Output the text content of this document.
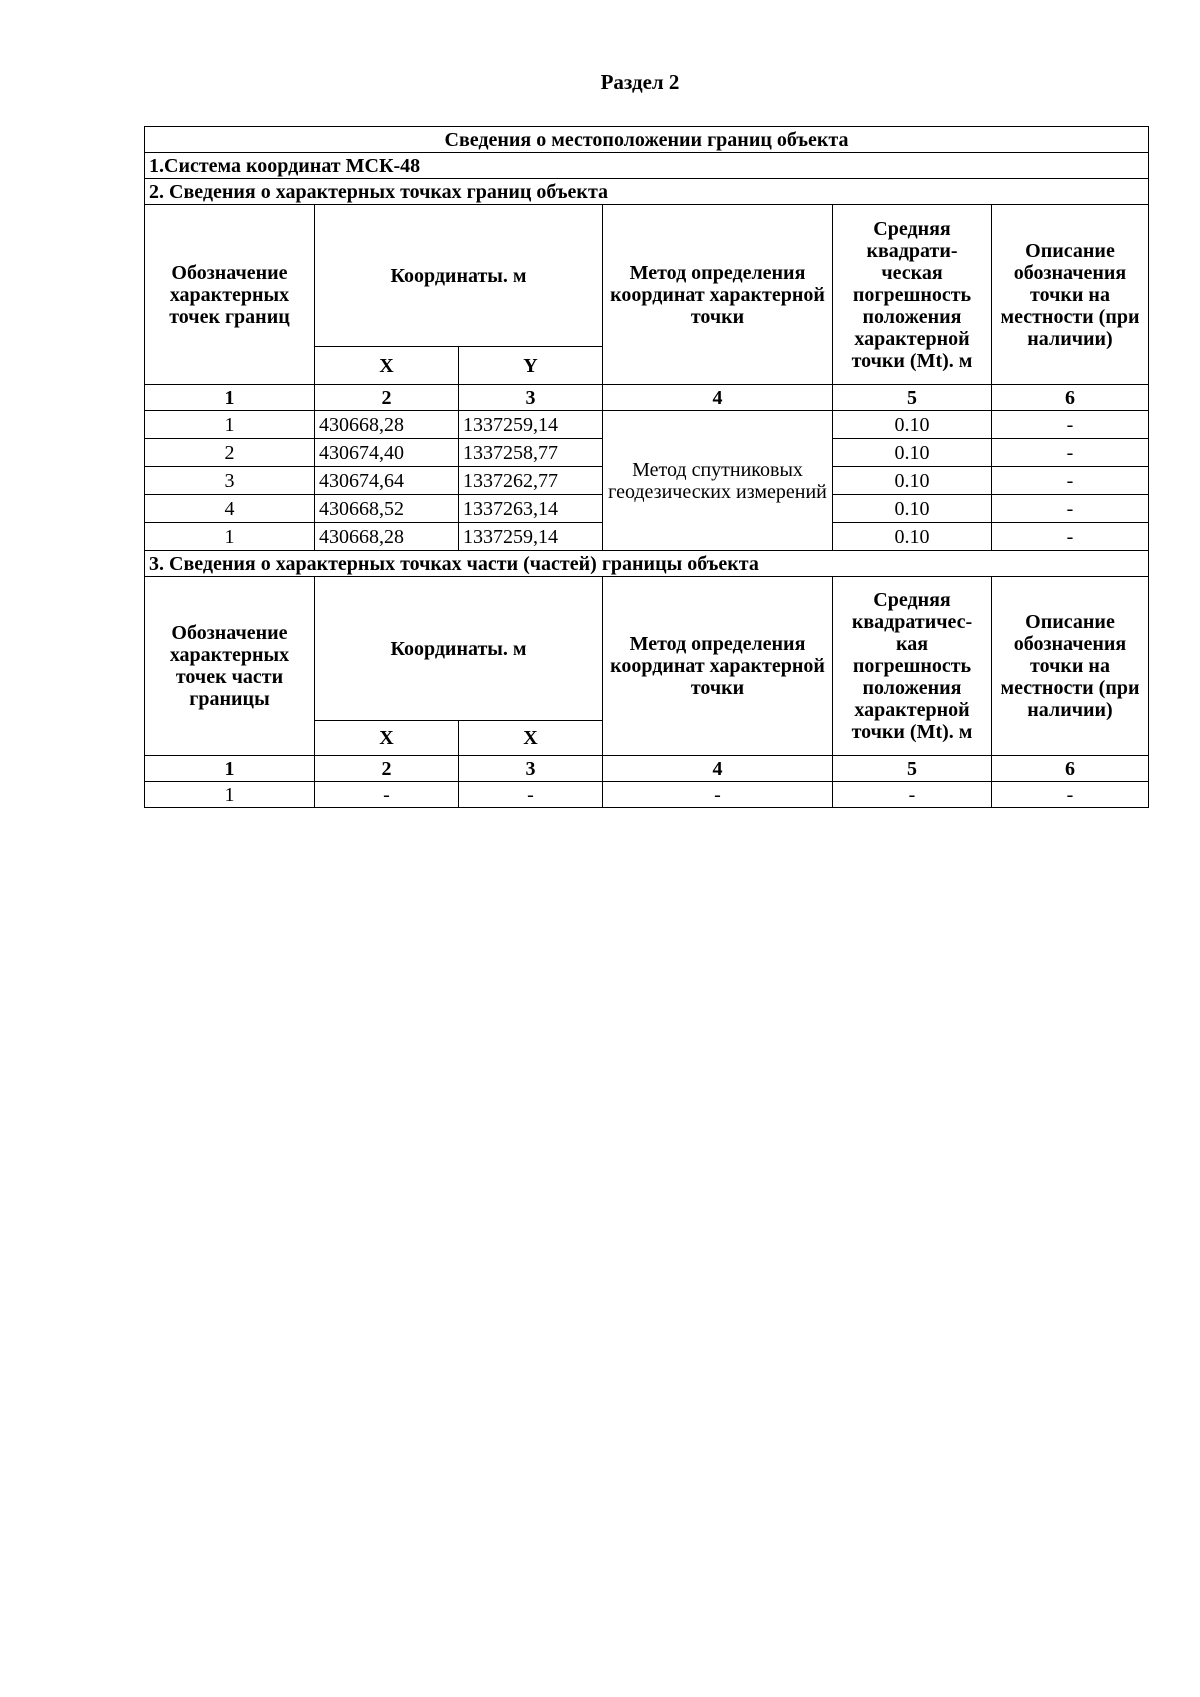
Раздел 2
Сведения о местоположении границ объекта					
1.Система координат МСК-48					
2. Сведения о характерных точках границ объекта					
Обозначение характерных точек границ	Координаты. м		Метод определения координат характерной точки	Средняя квадрати-ческая погрешность положения характерной точки (Mt). м	Описание обозначения точки на местности (при наличии)
	X	Y			
1	2	3	4	5	6
1	430668,28	1337259,14	Метод спутниковых геодезических измерений	0.10	-
2	430674,40	1337258,77		0.10	-
3	430674,64	1337262,77		0.10	-
4	430668,52	1337263,14		0.10	-
1	430668,28	1337259,14		0.10	-
3. Сведения о характерных точках части (частей) границы объекта					
Обозначение характерных точек части границы	Координаты. м		Метод определения координат характерной точки	Средняя квадратичес-кая погрешность положения характерной точки (Mt). м	Описание обозначения точки на местности (при наличии)
	X	X			
1	2	3	4	5	6
1	-	-	-	-	-
